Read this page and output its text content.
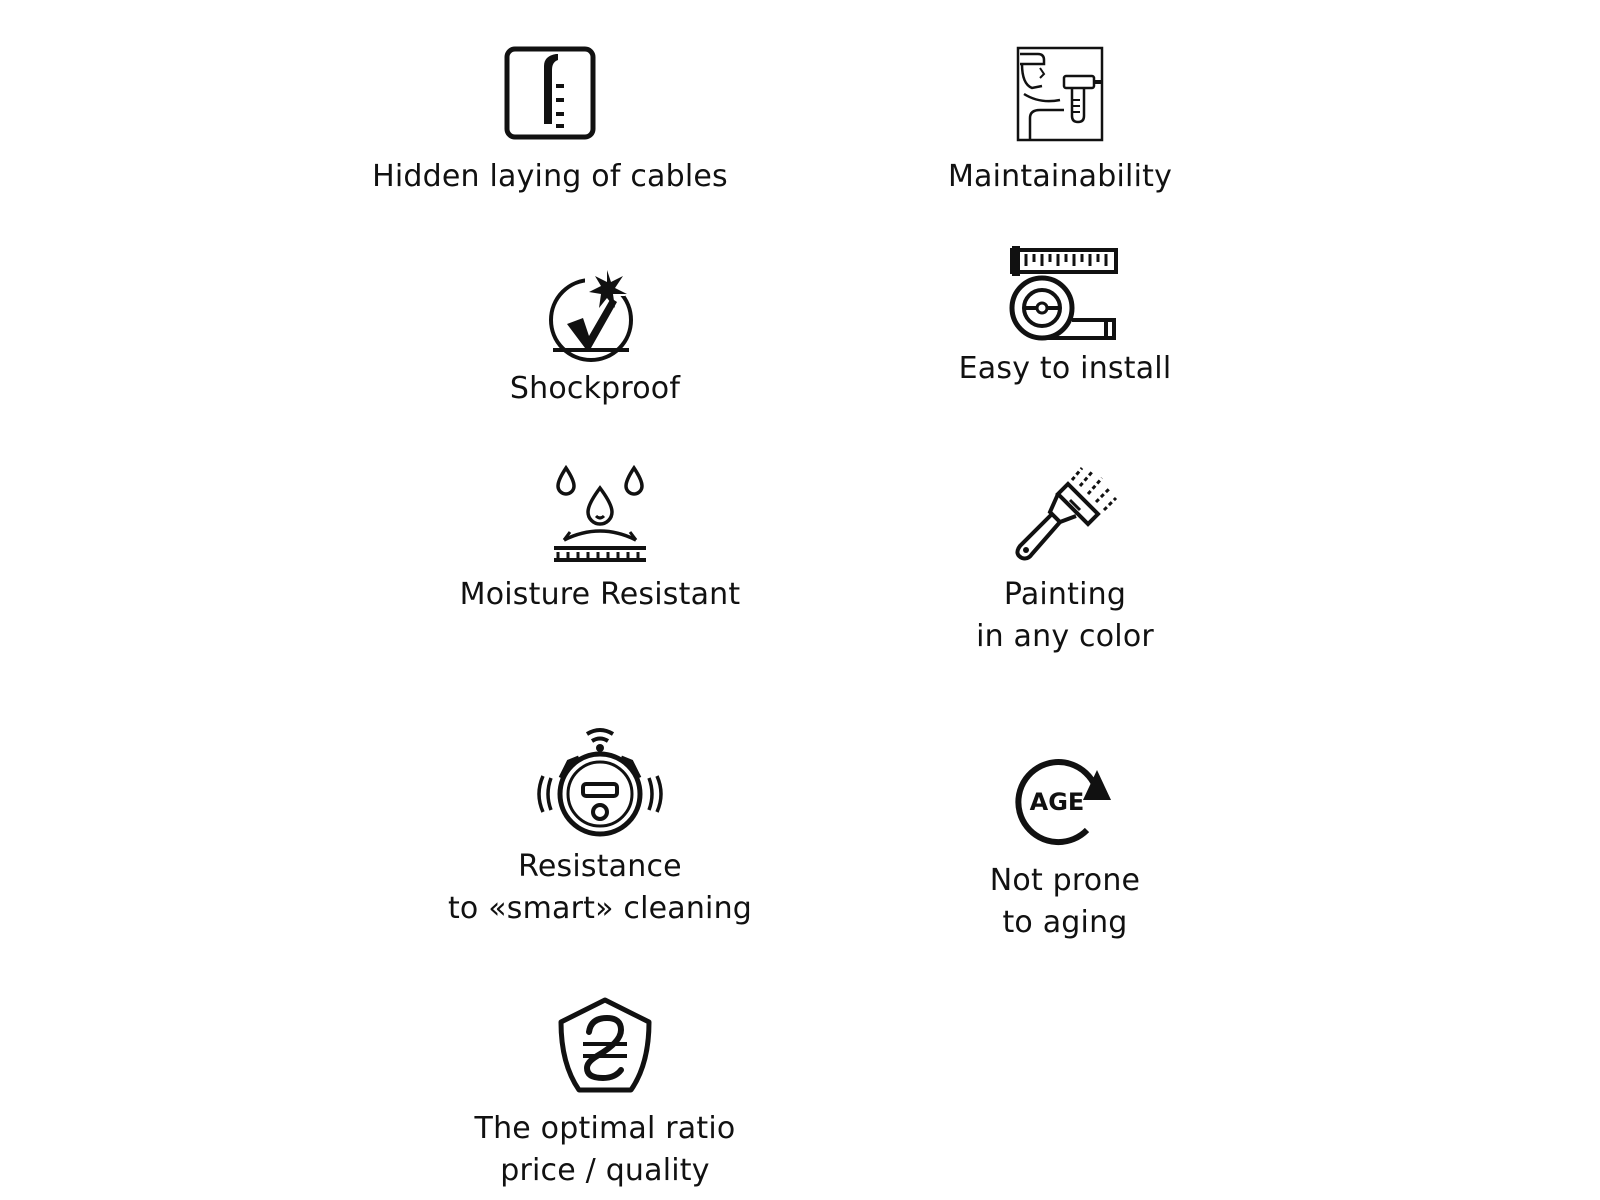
Hidden laying of cables	Maintainability
Shockproof
Easy to install
Moisture Resistant	Painting
in any color
Resistance
to «smart» cleaning
AGE
Not prone
to aging
The optimal ratio
price / quality
